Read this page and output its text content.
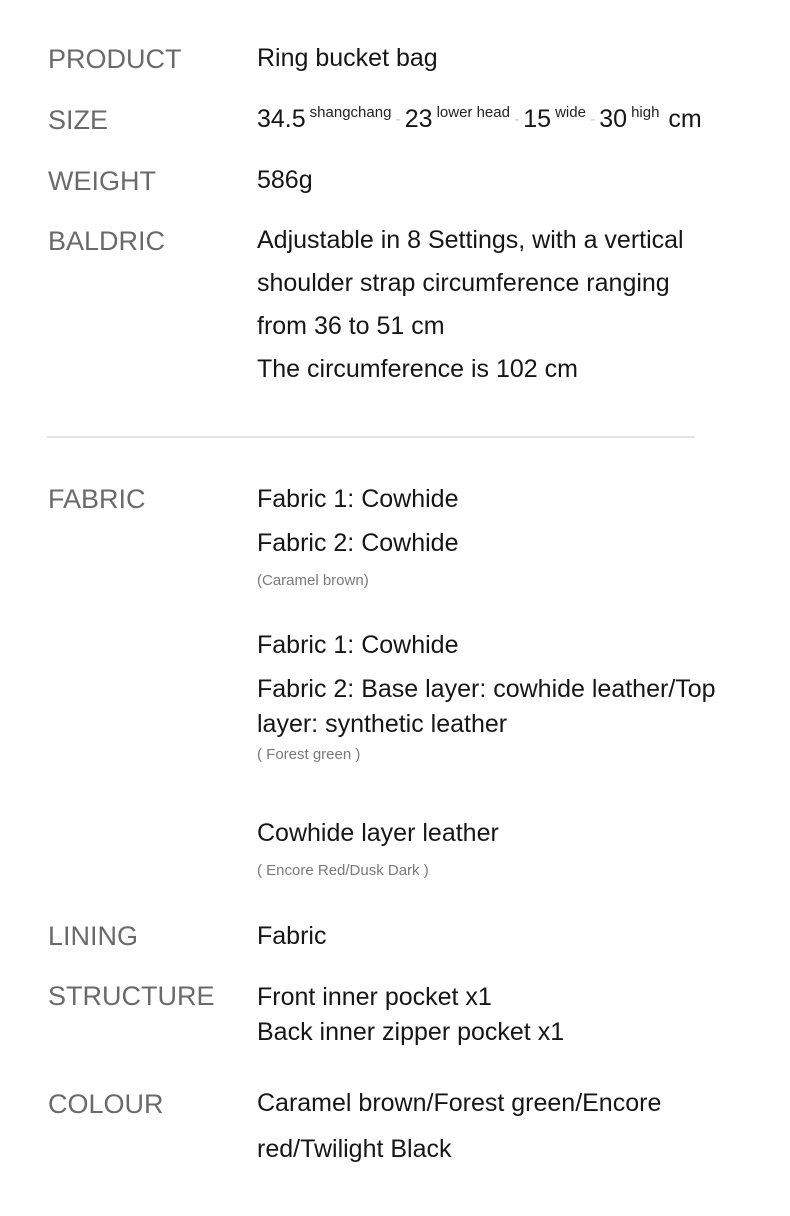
PRODUCT	Ring bucket bag
SIZE	34.5 $^{shangchang}$ - 23 $^{lower head}$ - 15 $^{wide}$ - 30 $^{high}$ cm
WEIGHT	586g
BALDRIC	Adjustable in 8 Settings, with a vertical
shoulder strap circumference ranging
from 36 to 51 cm
The circumference is 102 cm
FABRIC	Fabric 1: Cowhide
Fabric 2: Cowhide
(Caramel brown)
Fabric 1: Cowhide
Fabric 2: Base layer: cowhide leather/Top
layer: synthetic leather
( Forest green )
Cowhide layer leather
( Encore Red/Dusk Dark )
LINING	Fabric
STRUCTURE Front inner pocket x1
Back inner zipper pocket x1
COLOUR	Caramel brown/Forest green/Encore
red/Twilight Black
